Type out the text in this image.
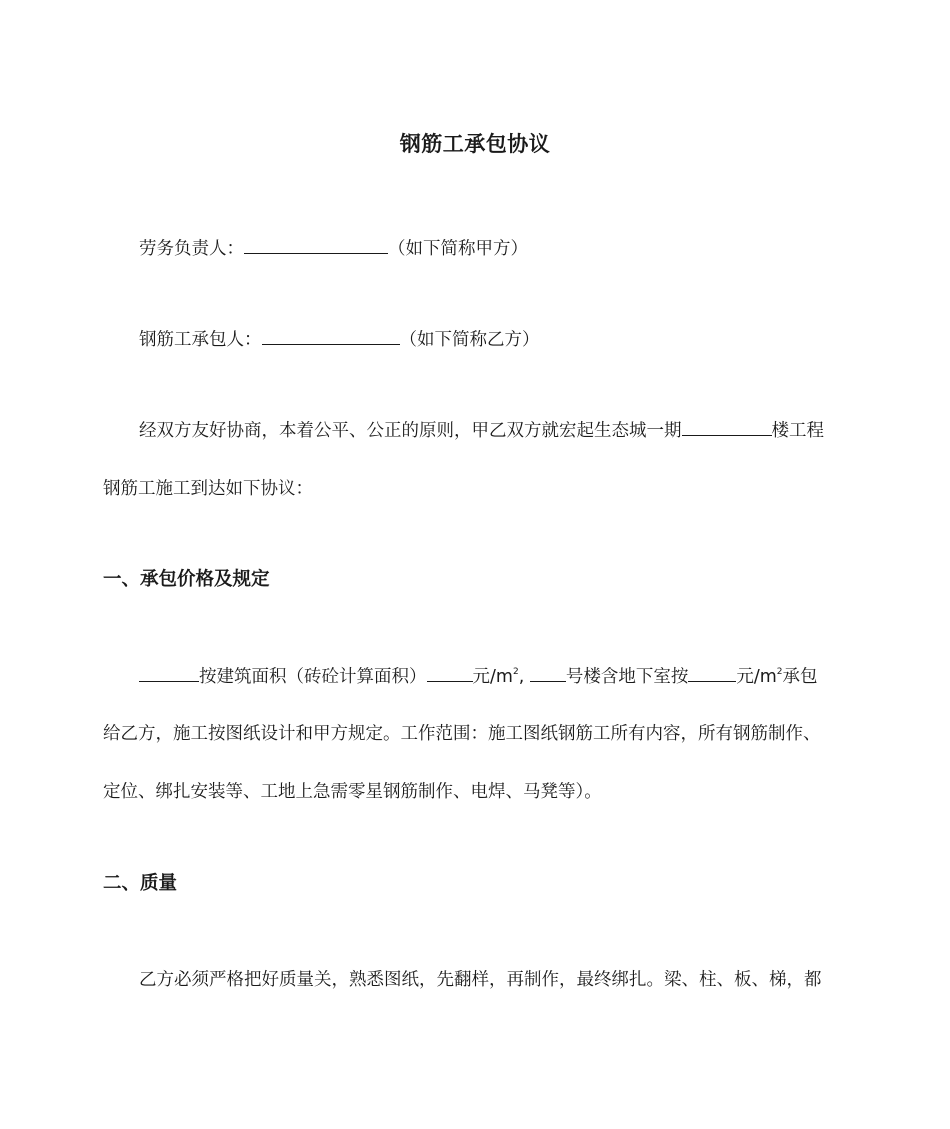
钢筋工承包协议
劳务负责人：	（如下简称甲方）
钢筋工承包人：	（如下简称乙方）
经双方友好协商，本着公平、公正的原则，甲乙双方就宏起生态城一期	楼工程
钢筋工施工到达如下协议：
一、承包价格及规定
按建筑面积（砖砼计算面积）	元$/m^2$, 号楼含地下室按	元$/m^2$承包
给乙方，施工按图纸设计和甲方规定。工作范围：施工图纸钢筋工所有内容，所有钢筋制作、
定位、绑扎安装等、工地上急需零星钢筋制作、电焊、马凳等）。
二、质量
乙方必须严格把好质量关，熟悉图纸，先翻样，再制作，最终绑扎。梁、柱、板、梯，都
